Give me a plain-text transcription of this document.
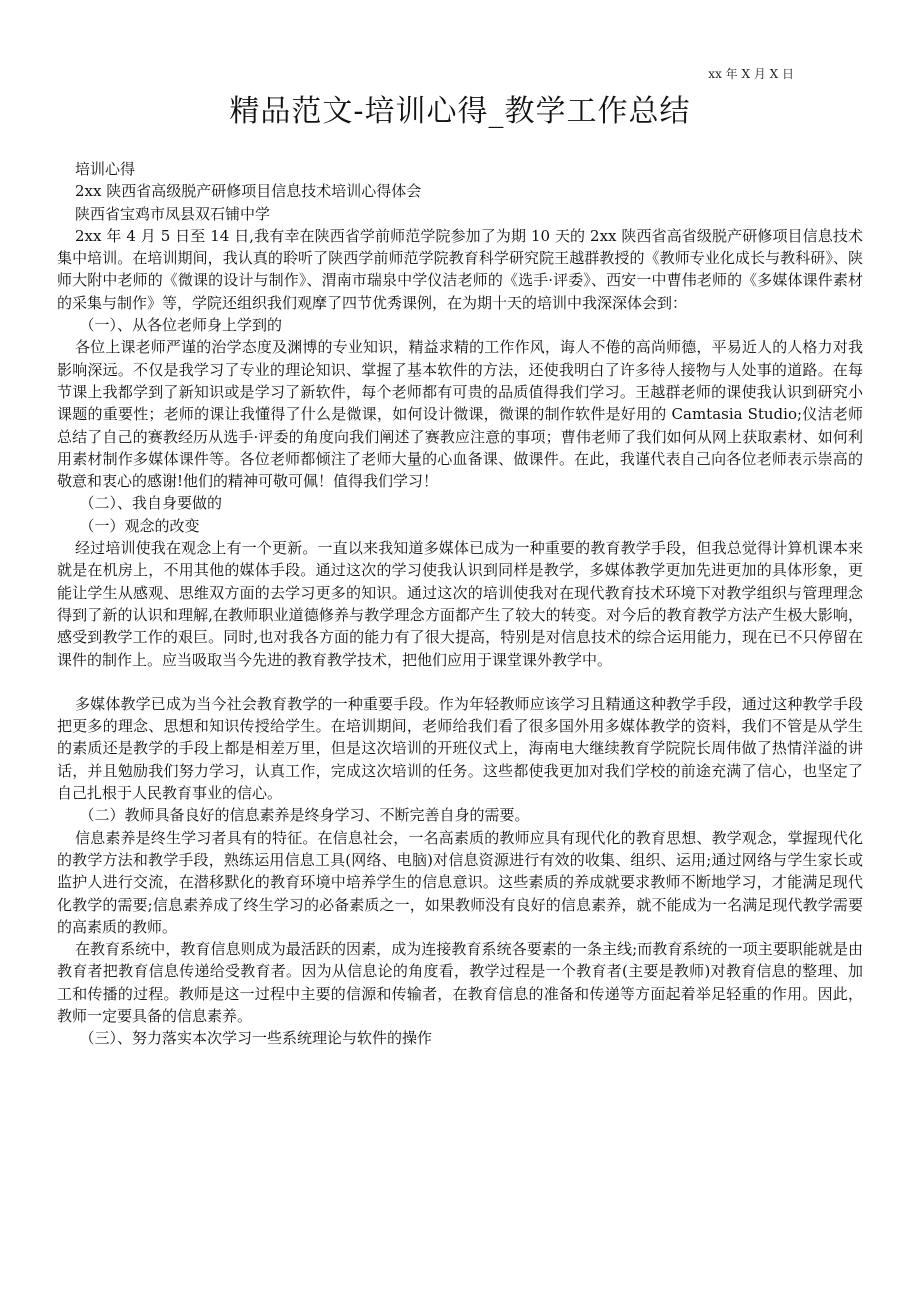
xx 年 X 月 X 日
精品范文-培训心得_教学工作总结

培训心得

2xx 陕西省高级脱产研修项目信息技术培训心得体会

陕西省宝鸡市凤县双石铺中学

2xx 年 4 月 5 日至 14 日,我有幸在陕西省学前师范学院参加了为期 10 天的 2xx 陕西省高省级脱产研修项目信息技术集中培训。在培训期间，我认真的聆听了陕西学前师范学院教育科学研究院王越群教授的《教师专业化成长与教科研》、陕师大附中老师的《微课的设计与制作》、渭南市瑞泉中学仪洁老师的《选手·评委》、西安一中曹伟老师的《多媒体课件素材的采集与制作》等，学院还组织我们观摩了四节优秀课例，在为期十天的培训中我深深体会到：

（一）、从各位老师身上学到的

各位上课老师严谨的治学态度及渊博的专业知识，精益求精的工作作风，诲人不倦的高尚师德，平易近人的人格力对我影响深远。不仅是我学习了专业的理论知识、掌握了基本软件的方法，还使我明白了许多待人接物与人处事的道路。在每节课上我都学到了新知识或是学习了新软件，每个老师都有可贵的品质值得我们学习。王越群老师的课使我认识到研究小课题的重要性；老师的课让我懂得了什么是微课，如何设计微课，微课的制作软件是好用的 Camtasia Studio;仪洁老师总结了自己的赛教经历从选手·评委的角度向我们阐述了赛教应注意的事项；曹伟老师了我们如何从网上获取素材、如何利用素材制作多媒体课件等。各位老师都倾注了老师大量的心血备课、做课件。在此，我谨代表自己向各位老师表示崇高的敬意和衷心的感谢!他们的精神可敬可佩！值得我们学习！

（二）、我自身要做的

（一）观念的改变

经过培训使我在观念上有一个更新。一直以来我知道多媒体已成为一种重要的教育教学手段，但我总觉得计算机课本来就是在机房上，不用其他的媒体手段。通过这次的学习使我认识到同样是教学，多媒体教学更加先进更加的具体形象，更能让学生从感观、思维双方面的去学习更多的知识。通过这次的培训使我对在现代教育技术环境下对教学组织与管理理念得到了新的认识和理解,在教师职业道德修养与教学理念方面都产生了较大的转变。对今后的教育教学方法产生极大影响，感受到教学工作的艰巨。同时,也对我各方面的能力有了很大提高，特别是对信息技术的综合运用能力，现在已不只停留在课件的制作上。应当吸取当今先进的教育教学技术，把他们应用于课堂课外教学中。

多媒体教学已成为当今社会教育教学的一种重要手段。作为年轻教师应该学习且精通这种教学手段，通过这种教学手段把更多的理念、思想和知识传授给学生。在培训期间，老师给我们看了很多国外用多媒体教学的资料，我们不管是从学生的素质还是教学的手段上都是相差万里，但是这次培训的开班仪式上，海南电大继续教育学院院长周伟做了热情洋溢的讲话，并且勉励我们努力学习，认真工作，完成这次培训的任务。这些都使我更加对我们学校的前途充满了信心，也坚定了自己扎根于人民教育事业的信心。

（二）教师具备良好的信息素养是终身学习、不断完善自身的需要。

信息素养是终生学习者具有的特征。在信息社会，一名高素质的教师应具有现代化的教育思想、教学观念，掌握现代化的教学方法和教学手段，熟练运用信息工具(网络、电脑)对信息资源进行有效的收集、组织、运用;通过网络与学生家长或监护人进行交流，在潜移默化的教育环境中培养学生的信息意识。这些素质的养成就要求教师不断地学习，才能满足现代化教学的需要;信息素养成了终生学习的必备素质之一，如果教师没有良好的信息素养，就不能成为一名满足现代教学需要的高素质的教师。

在教育系统中，教育信息则成为最活跃的因素，成为连接教育系统各要素的一条主线;而教育系统的一项主要职能就是由教育者把教育信息传递给受教育者。因为从信息论的角度看，教学过程是一个教育者(主要是教师)对教育信息的整理、加工和传播的过程。教师是这一过程中主要的信源和传输者，在教育信息的准备和传递等方面起着举足轻重的作用。因此，教师一定要具备的信息素养。

（三）、努力落实本次学习一些系统理论与软件的操作
